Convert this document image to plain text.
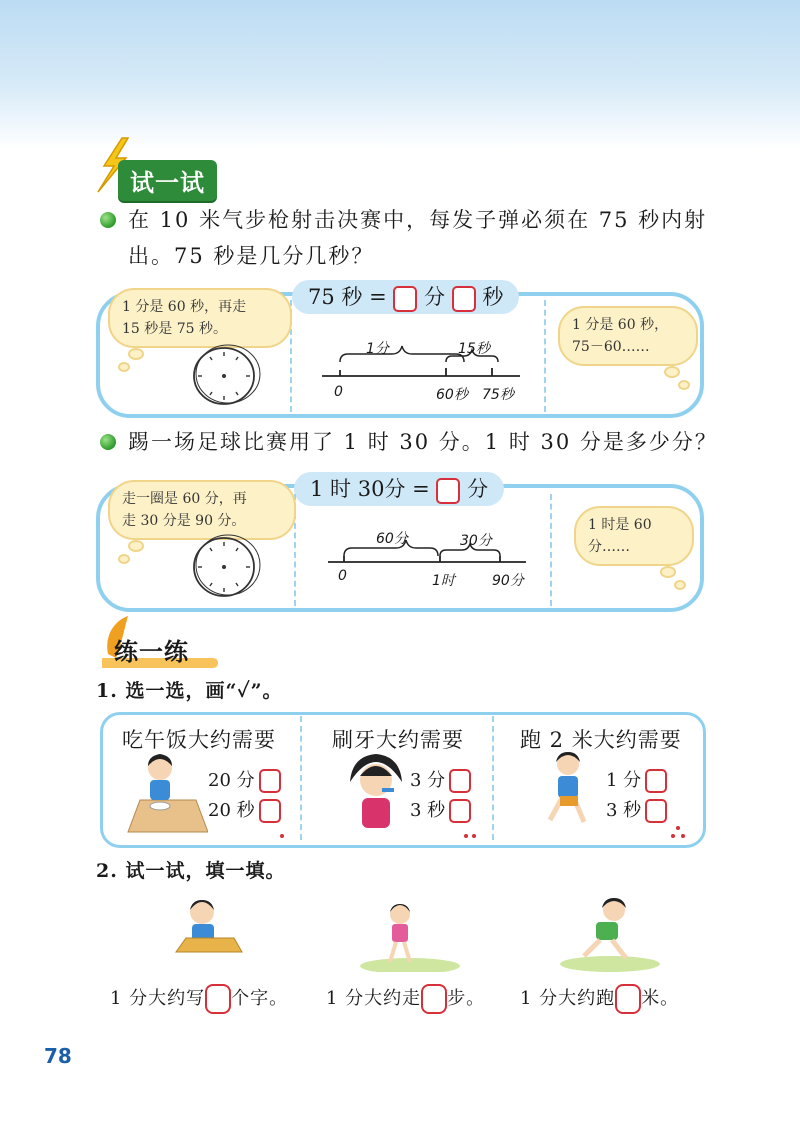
试一试
在 10 米气步枪射击决赛中，每发子弹必须在 75 秒内射
出。75 秒是几分几秒？
75 秒 = 分 秒
1 分是 60 秒，再走
15 秒是 75 秒。
1分	15秒
0	60秒 75秒
1 分是 60 秒，
75－60……
踢一场足球比赛用了 1 时 30 分。1 时 30 分是多少分？
1 时 30分 = 分
走一圈是 60 分，再
走 30 分是 90 分。
60分	30分
0	1时	90分
1 时是 60
分……
练一练
1. 选一选，画“✓”。
吃午饭大约需要
20 分
20 秒
刷牙大约需要
3 分
3 秒
跑 2 米大约需要
1 分
3 秒
2. 试一试，填一填。
1 分大约写 个字。 1 分大约走 步。 1 分大约跑 米。
78
